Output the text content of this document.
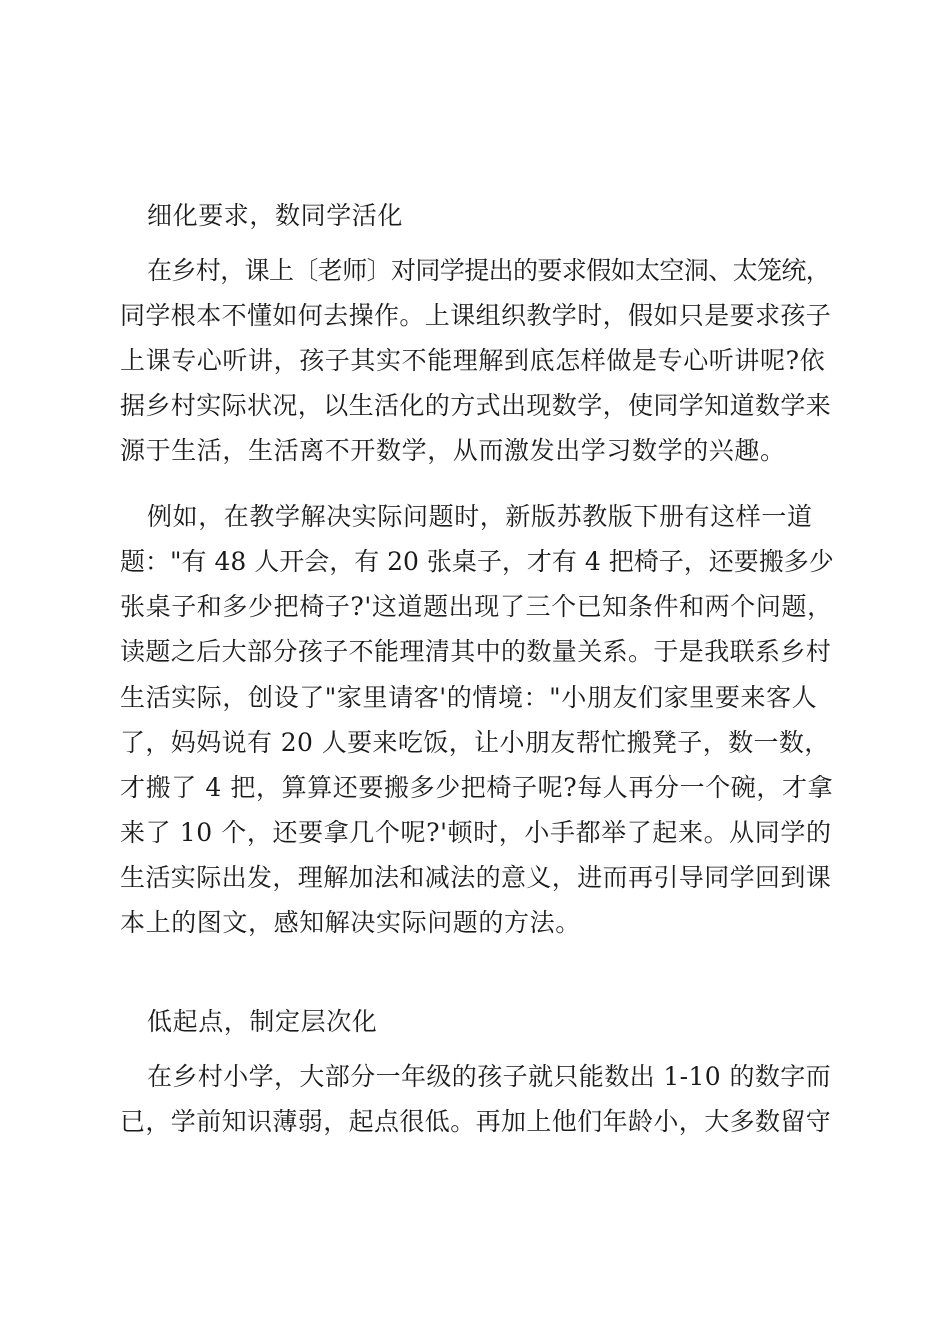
细化要求，数同学活化
在乡村，课上〔老师〕对同学提出的要求假如太空洞、太笼统，
同学根本不懂如何去操作。上课组织教学时，假如只是要求孩子
上课专心听讲，孩子其实不能理解到底怎样做是专心听讲呢?依
据乡村实际状况，以生活化的方式出现数学，使同学知道数学来
源于生活，生活离不开数学，从而激发出学习数学的兴趣。
例如，在教学解决实际问题时，新版苏教版下册有这样一道
题："有 48 人开会，有 20 张桌子，才有 4 把椅子，还要搬多少
张桌子和多少把椅子?'这道题出现了三个已知条件和两个问题，
读题之后大部分孩子不能理清其中的数量关系。于是我联系乡村
生活实际，创设了"家里请客'的情境："小朋友们家里要来客人
了，妈妈说有 20 人要来吃饭，让小朋友帮忙搬凳子，数一数，
才搬了 4 把，算算还要搬多少把椅子呢?每人再分一个碗，才拿
来了 10 个，还要拿几个呢?'顿时，小手都举了起来。从同学的
生活实际出发，理解加法和减法的意义，进而再引导同学回到课
本上的图文，感知解决实际问题的方法。
低起点，制定层次化
在乡村小学，大部分一年级的孩子就只能数出 1-10 的数字而
已，学前知识薄弱，起点很低。再加上他们年龄小，大多数留守
